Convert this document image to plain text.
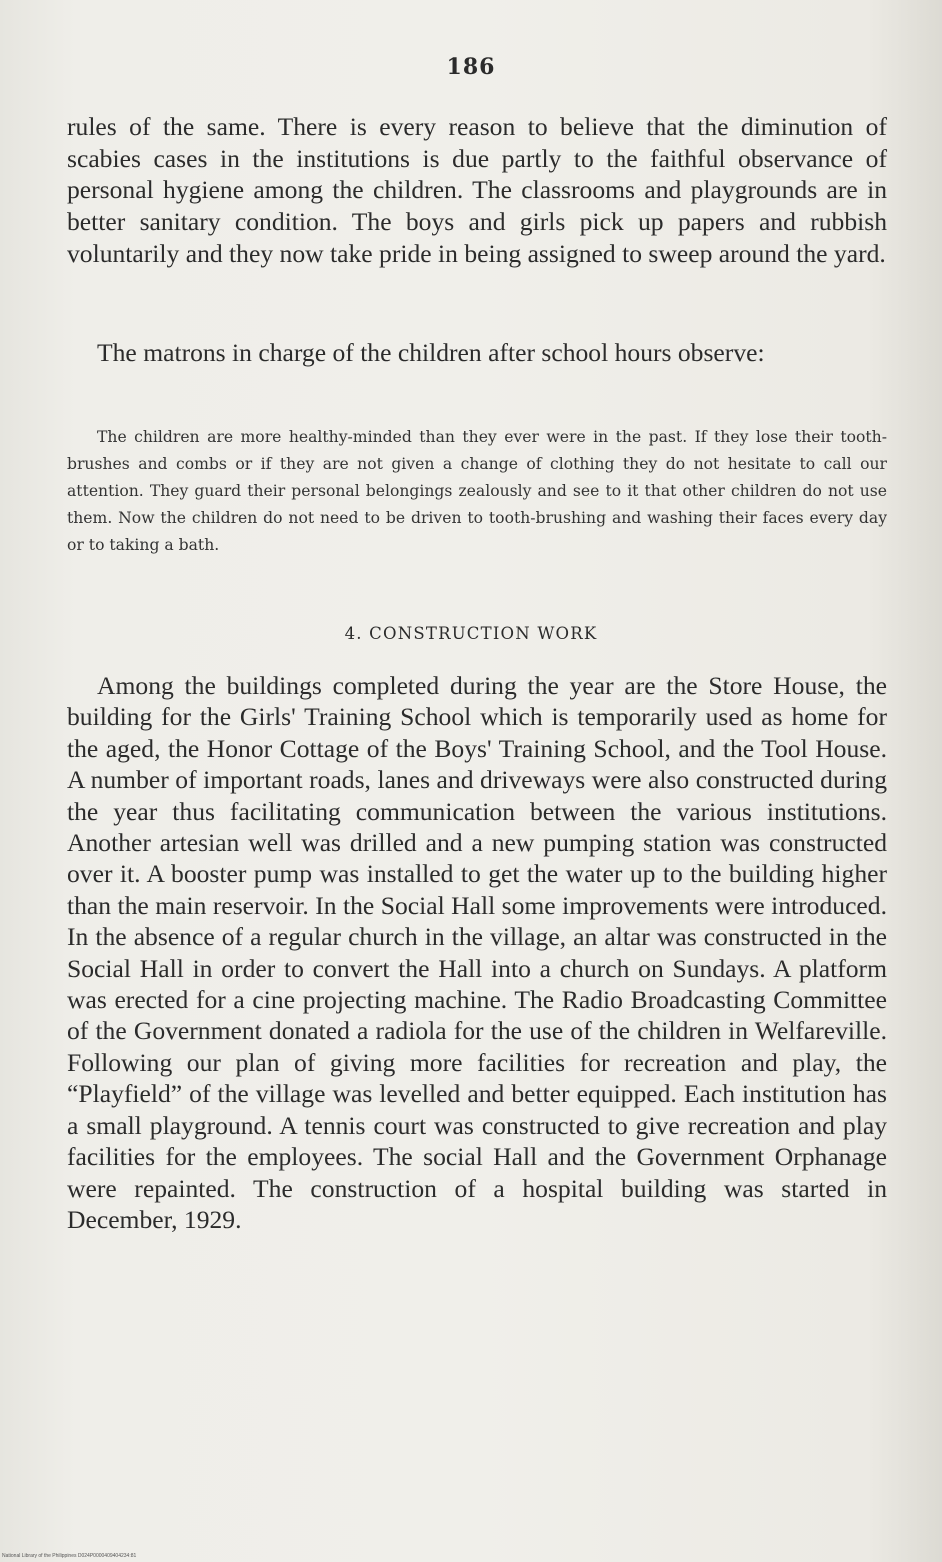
186

rules of the same. There is every reason to believe that the diminution of scabies cases in the institutions is due partly to the faithful observance of personal hygiene among the children. The classrooms and playgrounds are in better sanitary condition. The boys and girls pick up papers and rubbish voluntarily and they now take pride in being assigned to sweep around the yard.

The matrons in charge of the children after school hours observe:

The children are more healthy-minded than they ever were in the past. If they lose their tooth-brushes and combs or if they are not given a change of clothing they do not hesitate to call our attention. They guard their personal belongings zealously and see to it that other children do not use them. Now the children do not need to be driven to tooth-brushing and washing their faces every day or to taking a bath.

4. CONSTRUCTION WORK

Among the buildings completed during the year are the Store House, the building for the Girls' Training School which is temporarily used as home for the aged, the Honor Cottage of the Boys' Training School, and the Tool House. A number of important roads, lanes and driveways were also constructed during the year thus facilitating communication between the various institutions. Another artesian well was drilled and a new pumping station was constructed over it. A booster pump was installed to get the water up to the building higher than the main reservoir. In the Social Hall some improvements were introduced. In the absence of a regular church in the village, an altar was constructed in the Social Hall in order to convert the Hall into a church on Sundays. A platform was erected for a cine projecting machine. The Radio Broadcasting Committee of the Government donated a radiola for the use of the children in Welfareville. Following our plan of giving more facilities for recreation and play, the “Playfield” of the village was levelled and better equipped. Each institution has a small playground. A tennis court was constructed to give recreation and play facilities for the employees. The social Hall and the Government Orphanage were repainted. The construction of a hospital building was started in December, 1929.

National Library of the Philippines D024P0000409404234:81
